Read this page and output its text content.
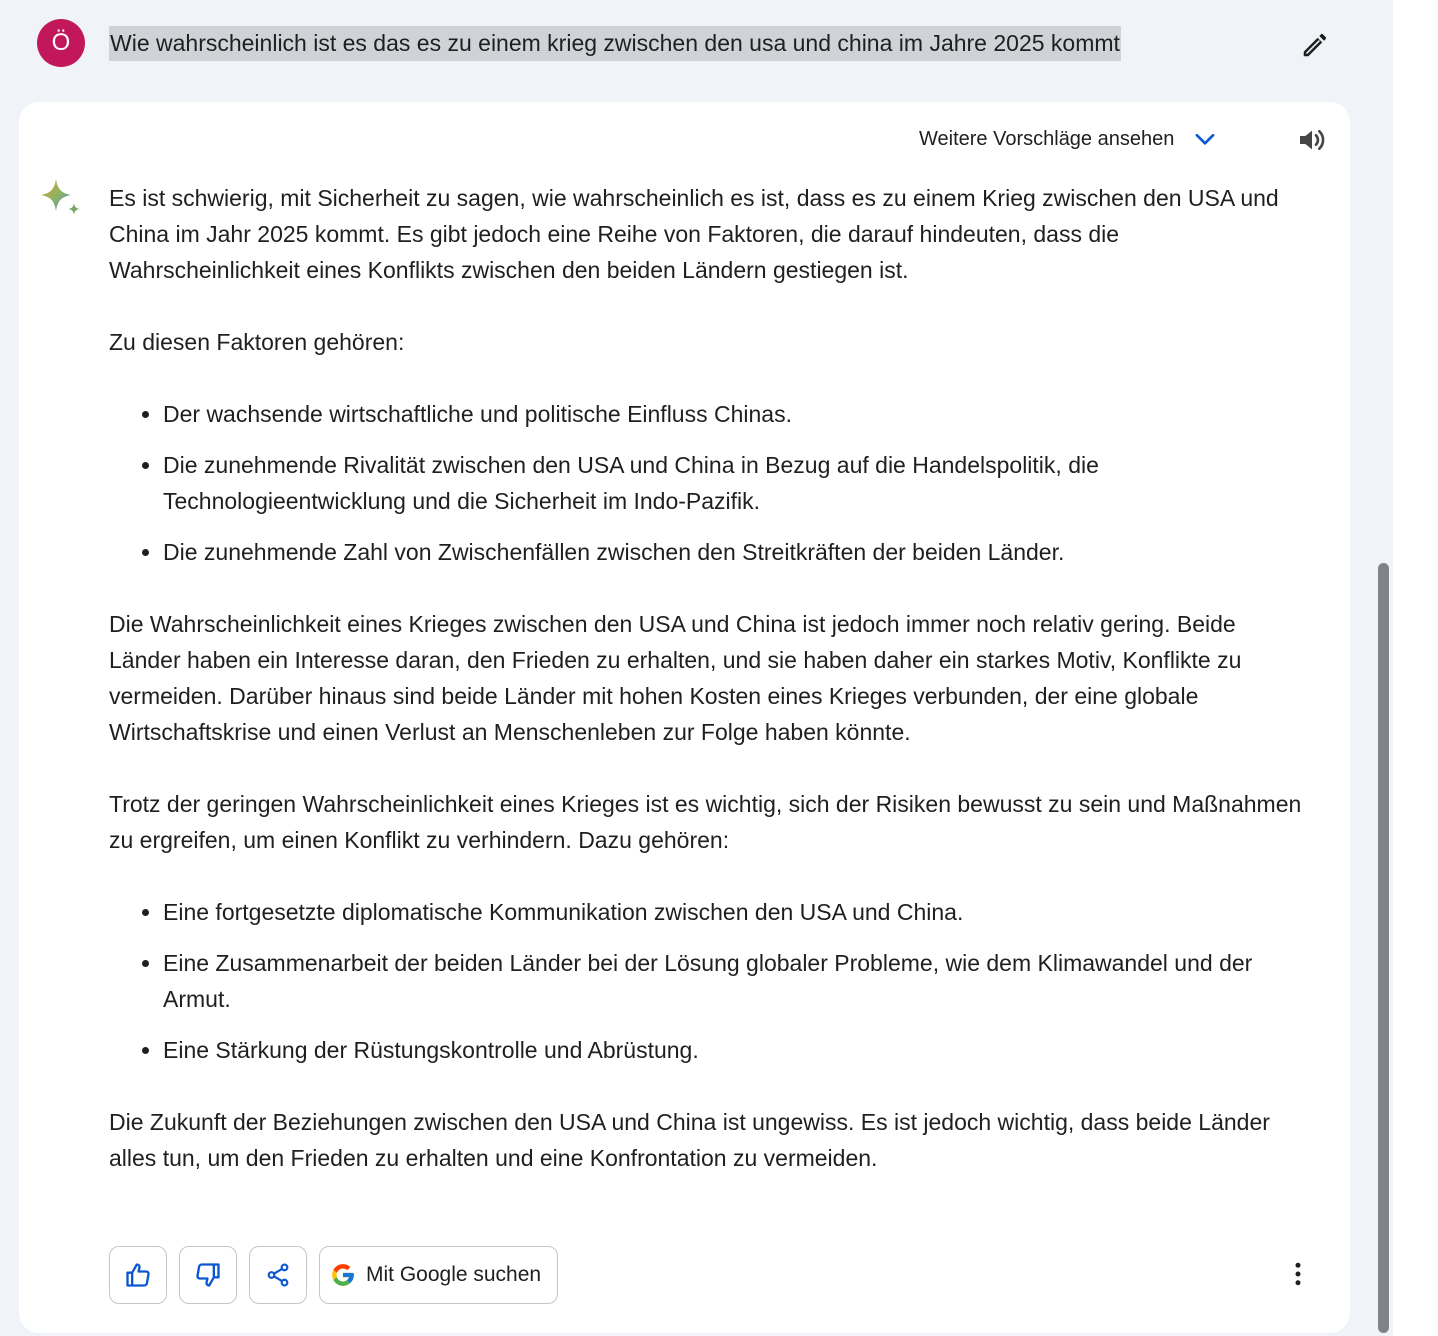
Ö	Wie wahrscheinlich ist es das es zu einem krieg zwischen den usa und china im Jahre 2025 kommt
Weitere Vorschläge ansehen

Es ist schwierig, mit Sicherheit zu sagen, wie wahrscheinlich es ist, dass es zu einem Krieg zwischen den USA und China im Jahr 2025 kommt. Es gibt jedoch eine Reihe von Faktoren, die darauf hindeuten, dass die Wahrscheinlichkeit eines Konflikts zwischen den beiden Ländern gestiegen ist.

Zu diesen Faktoren gehören:

• Der wachsende wirtschaftliche und politische Einfluss Chinas.
• Die zunehmende Rivalität zwischen den USA und China in Bezug auf die Handelspolitik, die Technologieentwicklung und die Sicherheit im Indo-Pazifik.
• Die zunehmende Zahl von Zwischenfällen zwischen den Streitkräften der beiden Länder.

Die Wahrscheinlichkeit eines Krieges zwischen den USA und China ist jedoch immer noch relativ gering. Beide Länder haben ein Interesse daran, den Frieden zu erhalten, und sie haben daher ein starkes Motiv, Konflikte zu vermeiden. Darüber hinaus sind beide Länder mit hohen Kosten eines Krieges verbunden, der eine globale Wirtschaftskrise und einen Verlust an Menschenleben zur Folge haben könnte.

Trotz der geringen Wahrscheinlichkeit eines Krieges ist es wichtig, sich der Risiken bewusst zu sein und Maßnahmen zu ergreifen, um einen Konflikt zu verhindern. Dazu gehören:

• Eine fortgesetzte diplomatische Kommunikation zwischen den USA und China.
• Eine Zusammenarbeit der beiden Länder bei der Lösung globaler Probleme, wie dem Klimawandel und der Armut.
• Eine Stärkung der Rüstungskontrolle und Abrüstung.

Die Zukunft der Beziehungen zwischen den USA und China ist ungewiss. Es ist jedoch wichtig, dass beide Länder alles tun, um den Frieden zu erhalten und eine Konfrontation zu vermeiden.

Mit Google suchen
